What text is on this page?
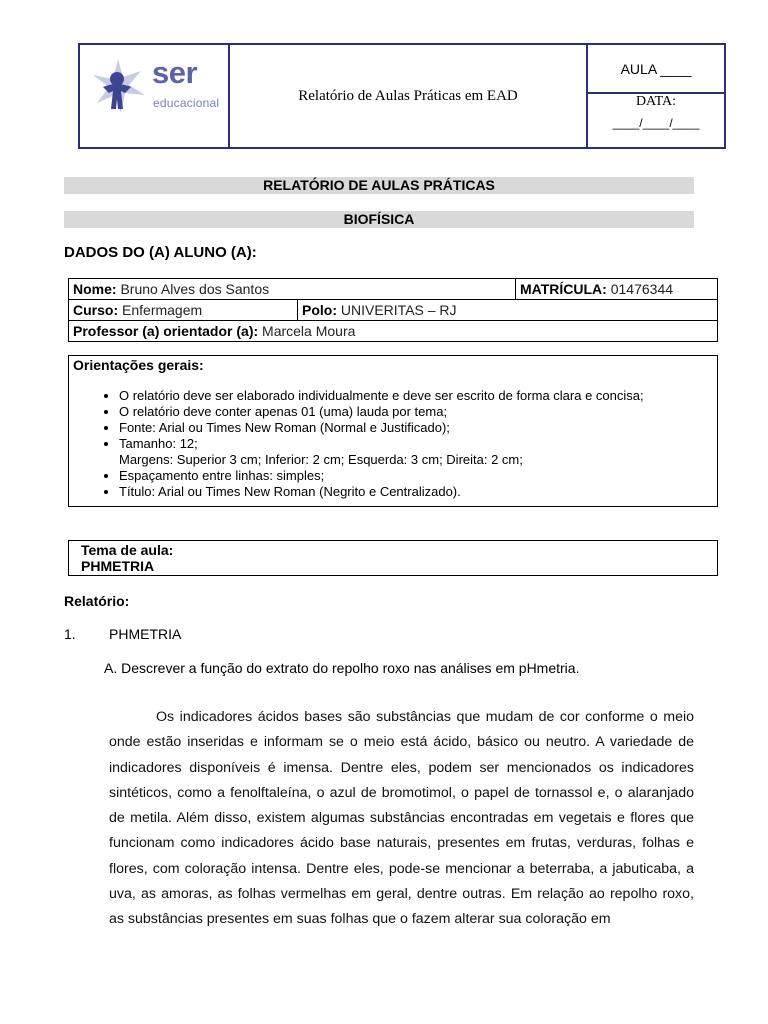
ser
educacional	Relatório de Aulas Práticas em EAD
AULA ____
DATA:
____/____/____
RELATÓRIO DE AULAS PRÁTICAS
BIOFÍSICA
DADOS DO (A) ALUNO (A):
Nome: Bruno Alves dos Santos		MATRÍCULA: 01476344
Curso: Enfermagem	Polo: UNIVERITAS – RJ	
Professor (a) orientador (a): Marcela Moura		
Orientações gerais:
• O relatório deve ser elaborado individualmente e deve ser escrito de forma clara e concisa;
• O relatório deve conter apenas 01 (uma) lauda por tema;
• Fonte: Arial ou Times New Roman (Normal e Justificado);
• Tamanho: 12;
Margens: Superior 3 cm; Inferior: 2 cm; Esquerda: 3 cm; Direita: 2 cm;
• Espaçamento entre linhas: simples;
• Título: Arial ou Times New Roman (Negrito e Centralizado).
Tema de aula:
PHMETRIA
Relatório:
1. PHMETRIA
A. Descrever a função do extrato do repolho roxo nas análises em pHmetria.
Os indicadores ácidos bases são substâncias que mudam de cor conforme o meio onde estão inseridas e informam se o meio está ácido, básico ou neutro. A variedade de indicadores disponíveis é imensa. Dentre eles, podem ser mencionados os indicadores sintéticos, como a fenolftaleína, o azul de bromotimol, o papel de tornassol e, o alaranjado de metila. Além disso, existem algumas substâncias encontradas em vegetais e flores que funcionam como indicadores ácido base naturais, presentes em frutas, verduras, folhas e flores, com coloração intensa. Dentre eles, pode-se mencionar a beterraba, a jabuticaba, a uva, as amoras, as folhas vermelhas em geral, dentre outras. Em relação ao repolho roxo, as substâncias presentes em suas folhas que o fazem alterar sua coloração em
